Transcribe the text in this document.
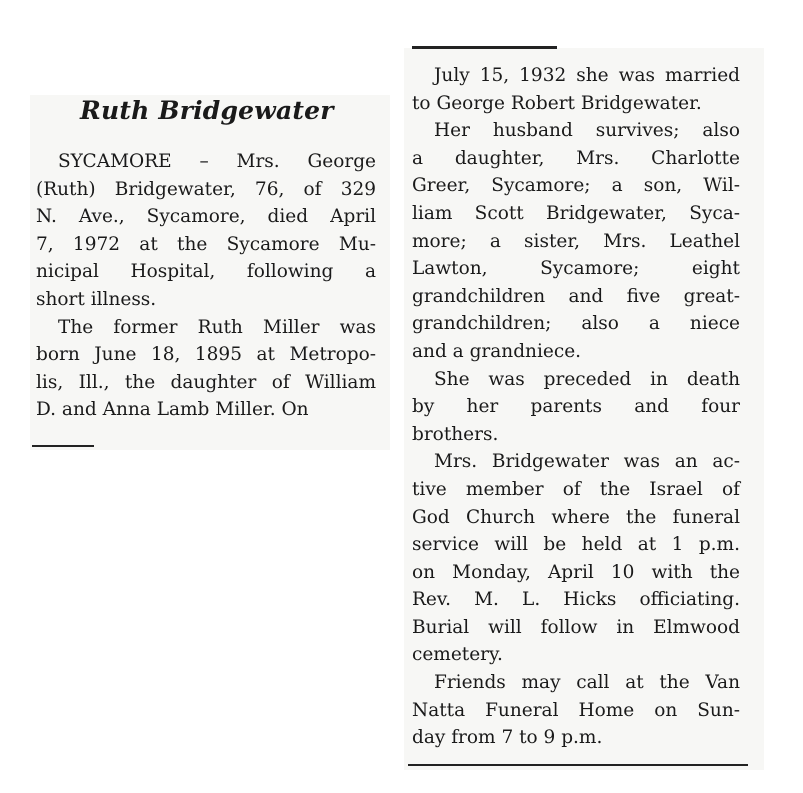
Ruth Bridgewater

SYCAMORE – Mrs. George
(Ruth) Bridgewater, 76, of 329
N. Ave., Sycamore, died April
7, 1972 at the Sycamore Mu-
nicipal Hospital, following a
short illness.

The former Ruth Miller was
born June 18, 1895 at Metropo-
lis, Ill., the daughter of William
D. and Anna Lamb Miller. On

July 15, 1932 she was married
to George Robert Bridgewater.

Her husband survives; also
a daughter, Mrs. Charlotte
Greer, Sycamore; a son, Wil-
liam Scott Bridgewater, Syca-
more; a sister, Mrs. Leathel
Lawton, Sycamore; eight
grandchildren and five great-
grandchildren; also a niece
and a grandniece.

She was preceded in death
by her parents and four
brothers.

Mrs. Bridgewater was an ac-
tive member of the Israel of
God Church where the funeral
service will be held at 1 p.m.
on Monday, April 10 with the
Rev. M. L. Hicks officiating.
Burial will follow in Elmwood
cemetery.

Friends may call at the Van
Natta Funeral Home on Sun-
day from 7 to 9 p.m.
